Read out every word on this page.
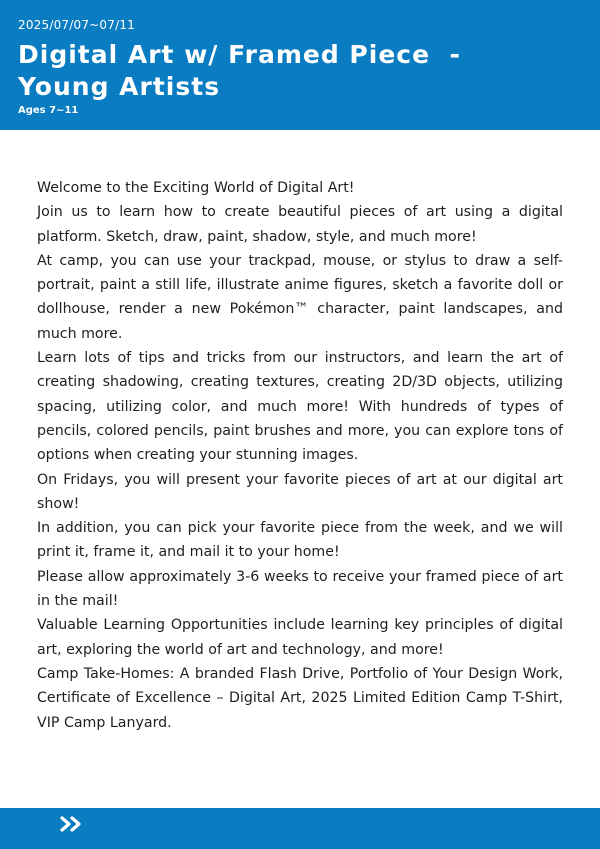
2025/07/07~07/11
Digital Art w/ Framed Piece  -
Young Artists
Ages 7~11

Welcome to the Exciting World of Digital Art!

Join us to learn how to create beautiful pieces of art using a digital platform. Sketch, draw, paint, shadow, style, and much more!

At camp, you can use your trackpad, mouse, or stylus to draw a self-portrait, paint a still life, illustrate anime figures, sketch a favorite doll or dollhouse, render a new Pokémon™ character, paint landscapes, and much more.

Learn lots of tips and tricks from our instructors, and learn the art of creating shadowing, creating textures, creating 2D/3D objects, utilizing spacing, utilizing color, and much more! With hundreds of types of pencils, colored pencils, paint brushes and more, you can explore tons of options when creating your stunning images.

On Fridays, you will present your favorite pieces of art at our digital art show!

In addition, you can pick your favorite piece from the week, and we will print it, frame it, and mail it to your home!

Please allow approximately 3-6 weeks to receive your framed piece of art in the mail!

Valuable Learning Opportunities include learning key principles of digital art, exploring the world of art and technology, and more!

Camp Take-Homes: A branded Flash Drive, Portfolio of Your Design Work, Certificate of Excellence – Digital Art, 2025 Limited Edition Camp T-Shirt, VIP Camp Lanyard.
